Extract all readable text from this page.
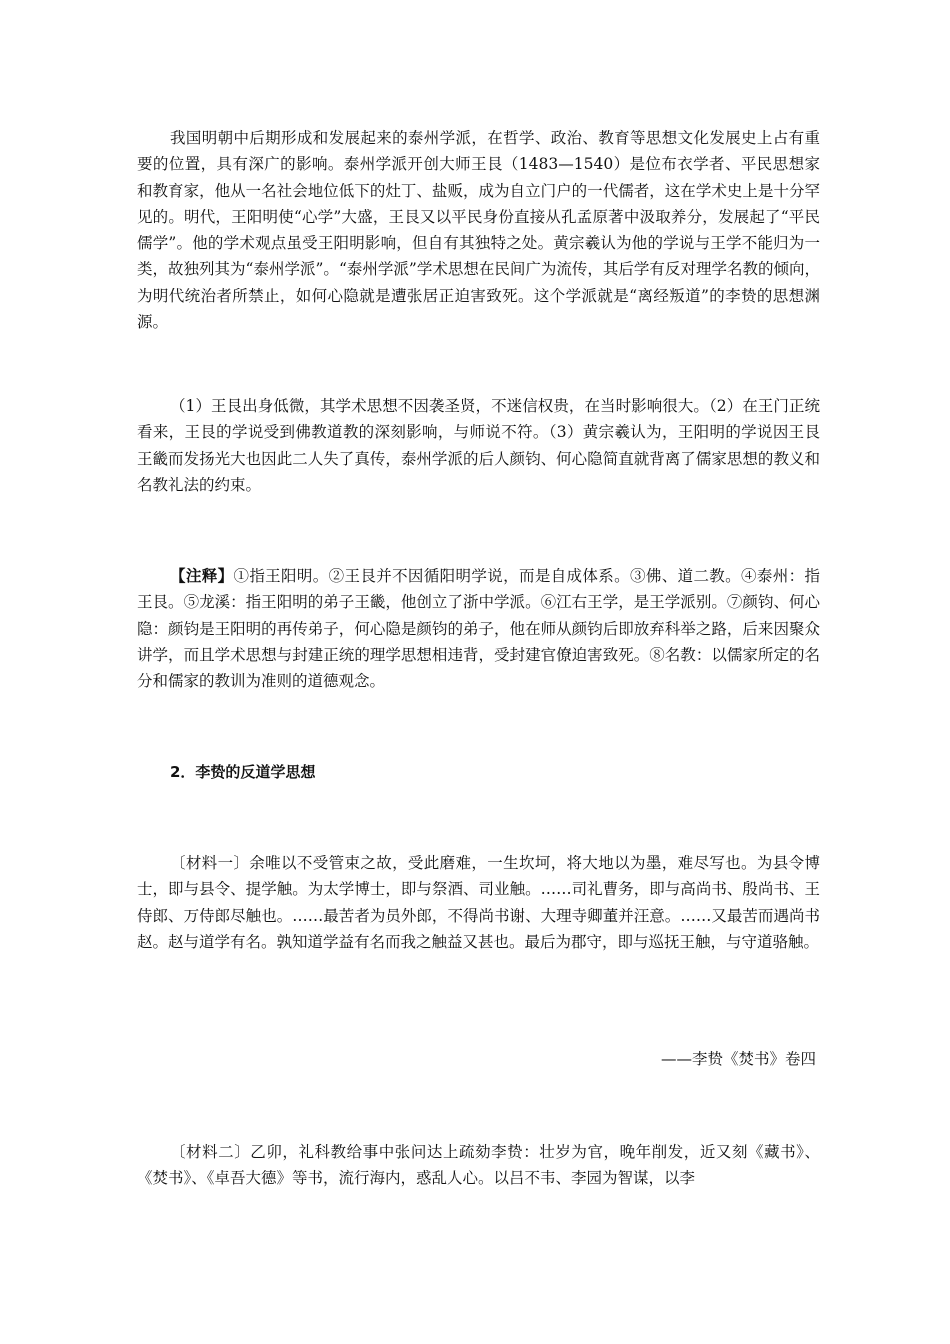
我国明朝中后期形成和发展起来的泰州学派，在哲学、政治、教育等思想文化发展史上占有重要的位置，具有深广的影响。泰州学派开创大师王艮（1483—1540）是位布衣学者、平民思想家和教育家，他从一名社会地位低下的灶丁、盐贩，成为自立门户的一代儒者，这在学术史上是十分罕见的。明代，王阳明使“心学”大盛，王艮又以平民身份直接从孔孟原著中汲取养分，发展起了“平民儒学”。他的学术观点虽受王阳明影响，但自有其独特之处。黄宗羲认为他的学说与王学不能归为一类，故独列其为“泰州学派”。“泰州学派”学术思想在民间广为流传，其后学有反对理学名教的倾向，为明代统治者所禁止，如何心隐就是遭张居正迫害致死。这个学派就是“离经叛道”的李贽的思想渊源。

（1）王艮出身低微，其学术思想不因袭圣贤，不迷信权贵，在当时影响很大。（2）在王门正统看来，王艮的学说受到佛教道教的深刻影响，与师说不符。（3）黄宗羲认为，王阳明的学说因王艮王畿而发扬光大也因此二人失了真传，泰州学派的后人颜钧、何心隐简直就背离了儒家思想的教义和名教礼法的约束。

【注释】①指王阳明。②王艮并不因循阳明学说，而是自成体系。③佛、道二教。④泰州：指王艮。⑤龙溪：指王阳明的弟子王畿，他创立了浙中学派。⑥江右王学，是王学派别。⑦颜钧、何心隐：颜钧是王阳明的再传弟子，何心隐是颜钧的弟子，他在师从颜钧后即放弃科举之路，后来因聚众讲学，而且学术思想与封建正统的理学思想相违背，受封建官僚迫害致死。⑧名教：以儒家所定的名分和儒家的教训为准则的道德观念。

2．李贽的反道学思想

〔材料一〕余唯以不受管束之故，受此磨难，一生坎坷，将大地以为墨，难尽写也。为县令博士，即与县令、提学触。为太学博士，即与祭酒、司业触。……司礼曹务，即与高尚书、殷尚书、王侍郎、万侍郎尽触也。……最苦者为员外郎，不得尚书谢、大理寺卿董并汪意。……又最苦而遇尚书赵。赵与道学有名。孰知道学益有名而我之触益又甚也。最后为郡守，即与巡抚王触，与守道骆触。

——李贽《焚书》卷四

〔材料二〕乙卯，礼科教给事中张问达上疏劾李贽：壮岁为官，晚年削发，近又刻《藏书》、《焚书》、《卓吾大德》等书，流行海内，惑乱人心。以吕不韦、李园为智谋，以李
